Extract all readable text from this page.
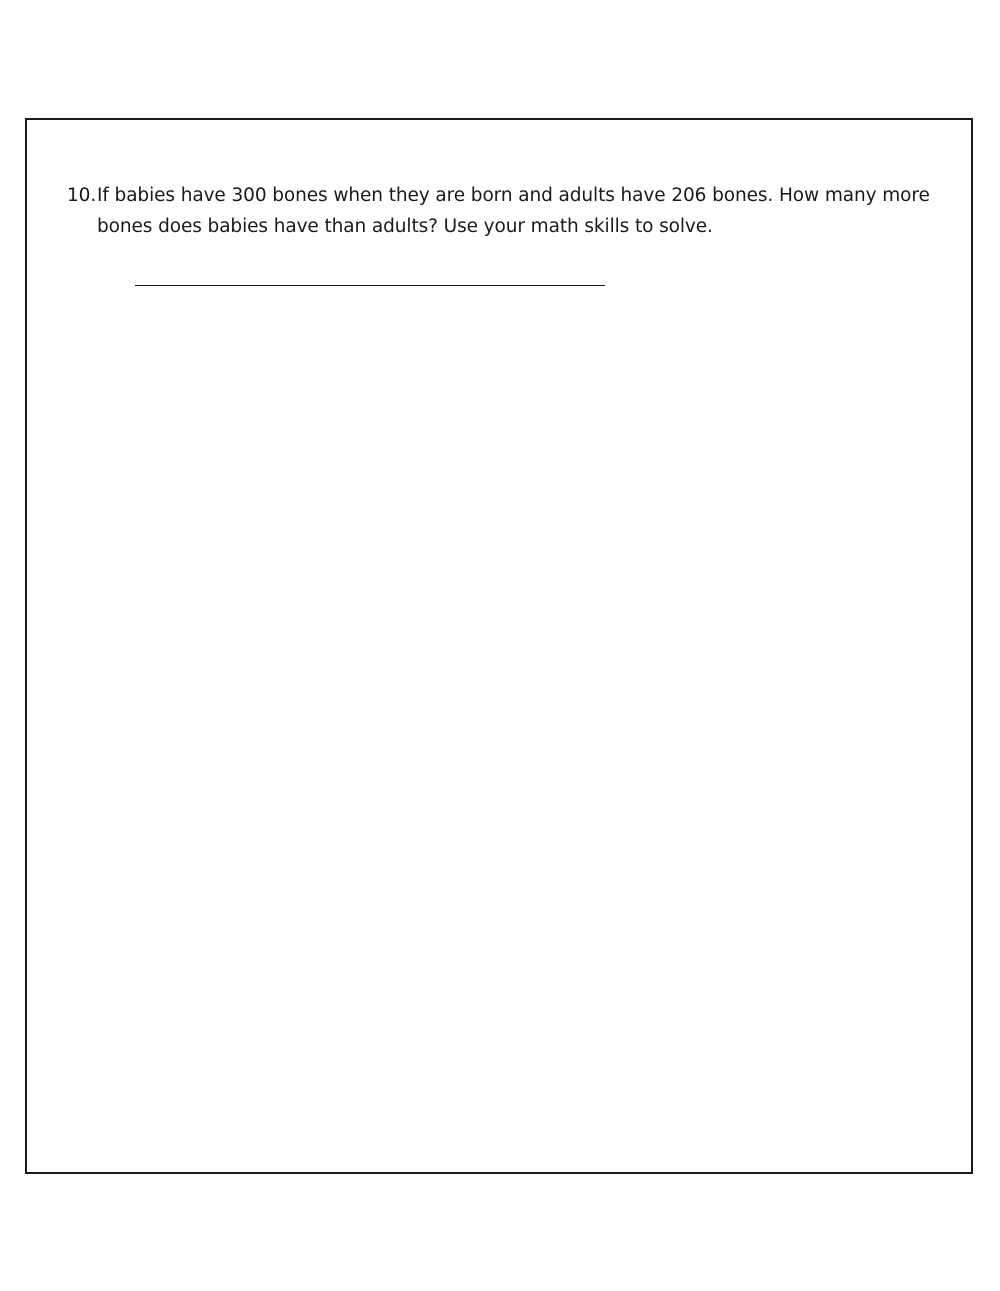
10. If babies have 300 bones when they are born and adults have 206 bones. How many more bones does babies have than adults? Use your math skills to solve.
